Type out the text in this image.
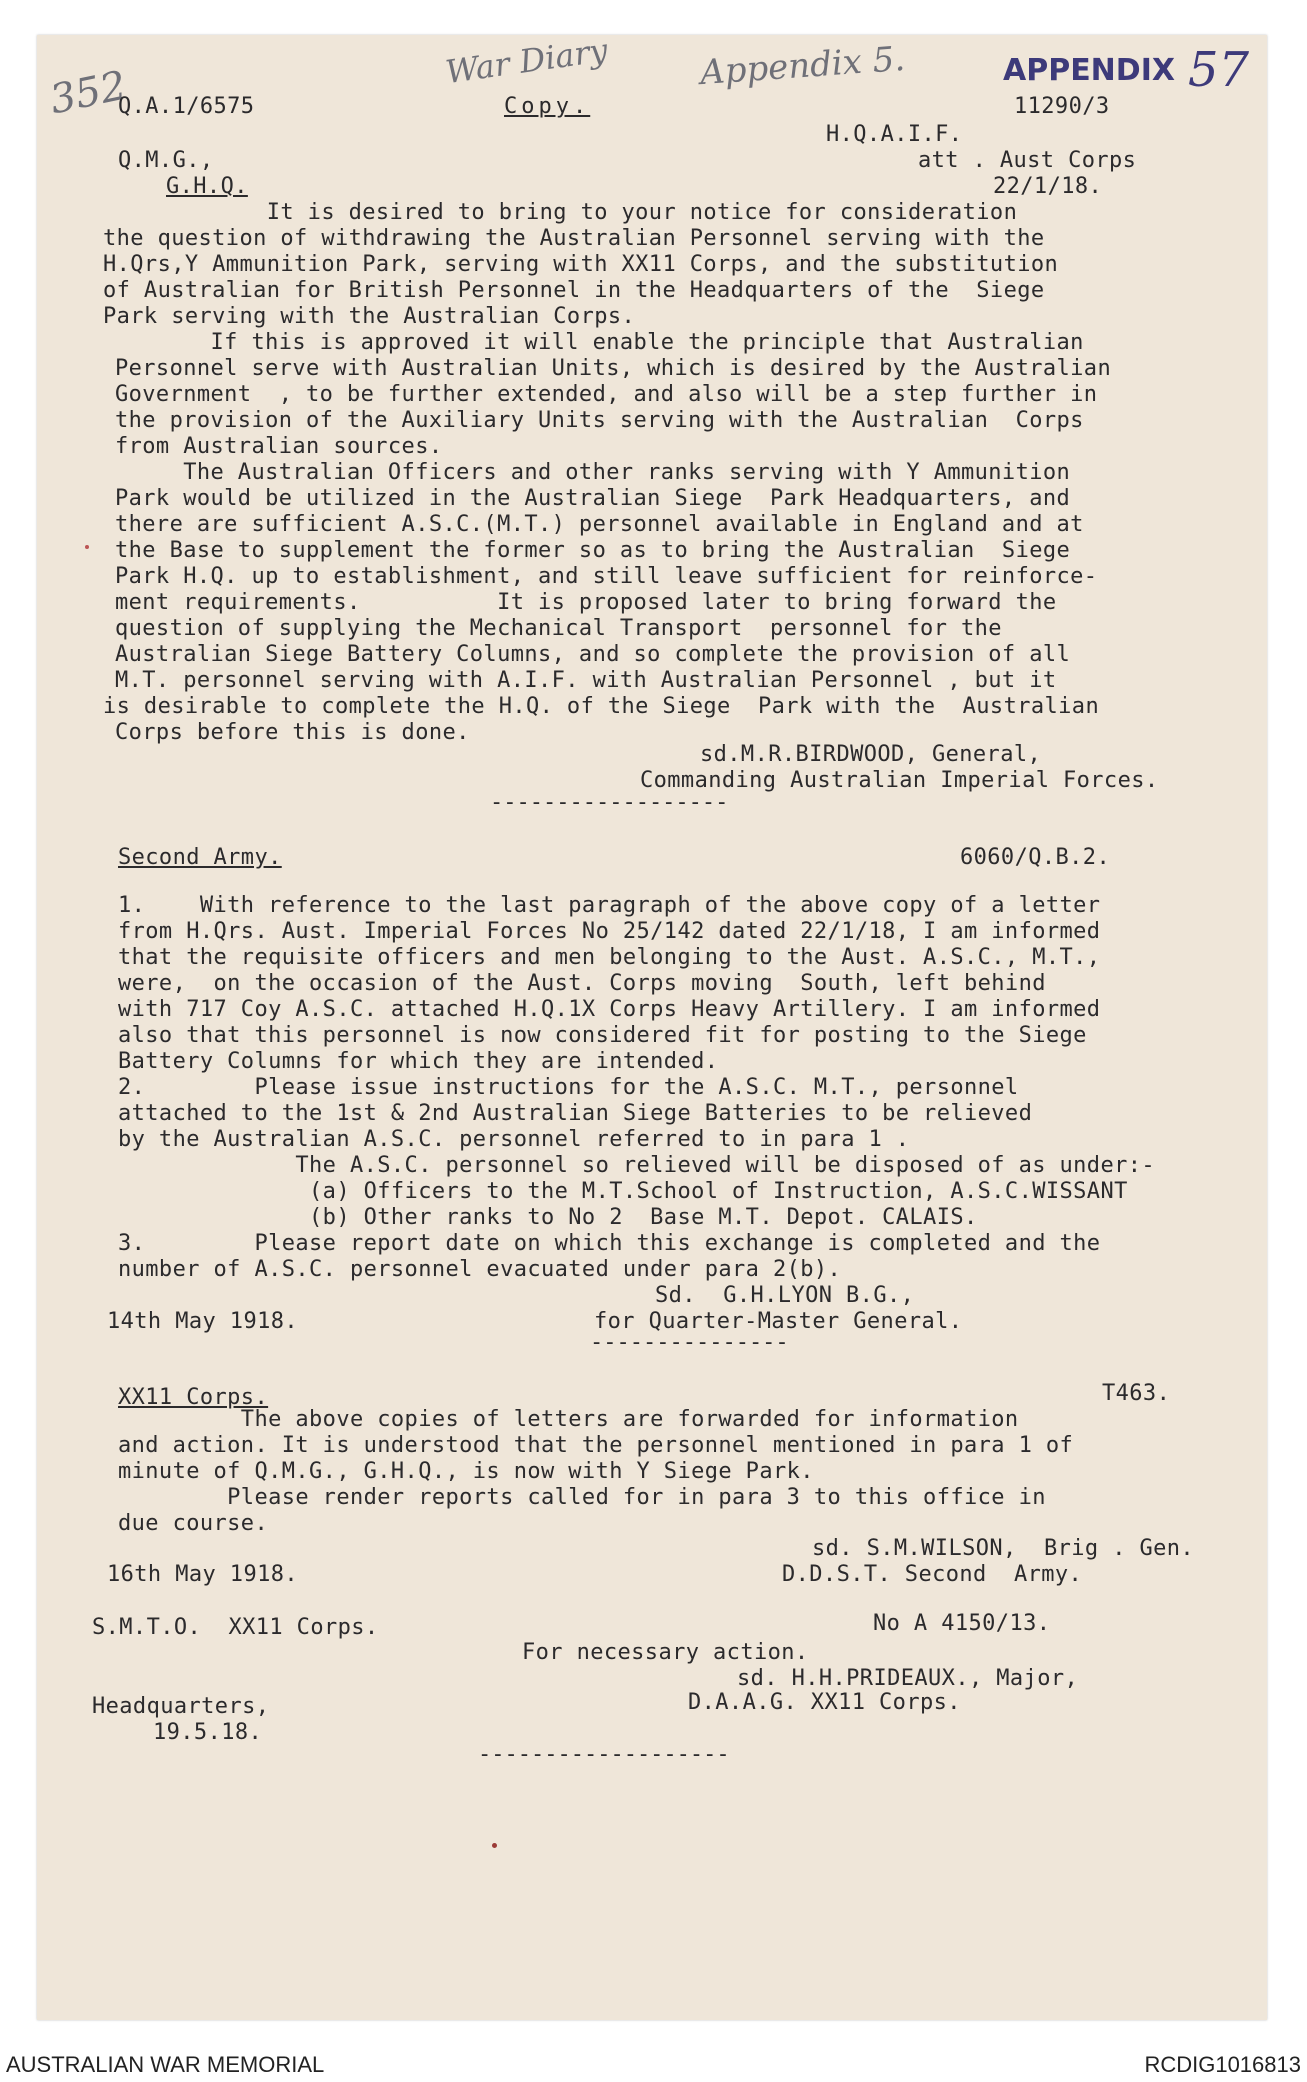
352
War Diary	Appendix 5.	APPENDIX 57
Q.A.1/6575	Copy.	11290/3
H.Q.A.I.F.
Q.M.G.,	att . Aust Corps
G.H.Q.	22/1/18.
It is desired to bring to your notice for consideration
the question of withdrawing the Australian Personnel serving with the
H.Qrs,Y Ammunition Park, serving with XX11 Corps, and the substitution
of Australian for British Personnel in the Headquarters of the  Siege
Park serving with the Australian Corps.
If this is approved it will enable the principle that Australian
Personnel serve with Australian Units, which is desired by the Australian
Government  , to be further extended, and also will be a step further in
the provision of the Auxiliary Units serving with the Australian  Corps
from Australian sources.
The Australian Officers and other ranks serving with Y Ammunition
Park would be utilized in the Australian Siege  Park Headquarters, and
there are sufficient A.S.C.(M.T.) personnel available in England and at
the Base to supplement the former so as to bring the Australian  Siege
Park H.Q. up to establishment, and still leave sufficient for reinforce-
ment requirements.          It is proposed later to bring forward the
question of supplying the Mechanical Transport  personnel for the
Australian Siege Battery Columns, and so complete the provision of all
M.T. personnel serving with A.I.F. with Australian Personnel , but it
is desirable to complete the H.Q. of the Siege  Park with the  Australian
Corps before this is done.
sd.M.R.BIRDWOOD, General,
Commanding Australian Imperial Forces.
------------------
Second Army.	6060/Q.B.2.
1.    With reference to the last paragraph of the above copy of a letter
from H.Qrs. Aust. Imperial Forces No 25/142 dated 22/1/18, I am informed
that the requisite officers and men belonging to the Aust. A.S.C., M.T.,
were,  on the occasion of the Aust. Corps moving  South, left behind
with 717 Coy A.S.C. attached H.Q.1X Corps Heavy Artillery. I am informed
also that this personnel is now considered fit for posting to the Siege
Battery Columns for which they are intended.
2.        Please issue instructions for the A.S.C. M.T., personnel
attached to the 1st & 2nd Australian Siege Batteries to be relieved
by the Australian A.S.C. personnel referred to in para 1 .
The A.S.C. personnel so relieved will be disposed of as under:-
(a) Officers to the M.T.School of Instruction, A.S.C.WISSANT
(b) Other ranks to No 2  Base M.T. Depot. CALAIS.
3.        Please report date on which this exchange is completed and the
number of A.S.C. personnel evacuated under para 2(b).
Sd.  G.H.LYON B.G.,
14th May 1918.	for Quarter-Master General.
---------------
XX11 Corps.	T463.
The above copies of letters are forwarded for information
and action. It is understood that the personnel mentioned in para 1 of
minute of Q.M.G., G.H.Q., is now with Y Siege Park.
Please render reports called for in para 3 to this office in
due course.
sd. S.M.WILSON,  Brig . Gen.
16th May 1918.	D.D.S.T. Second  Army.
S.M.T.O.  XX11 Corps.	No A 4150/13.
For necessary action.
sd. H.H.PRIDEAUX., Major,
Headquarters,	D.A.A.G. XX11 Corps.
19.5.18.
-------------------
AUSTRALIAN WAR MEMORIAL	RCDIG1016813
